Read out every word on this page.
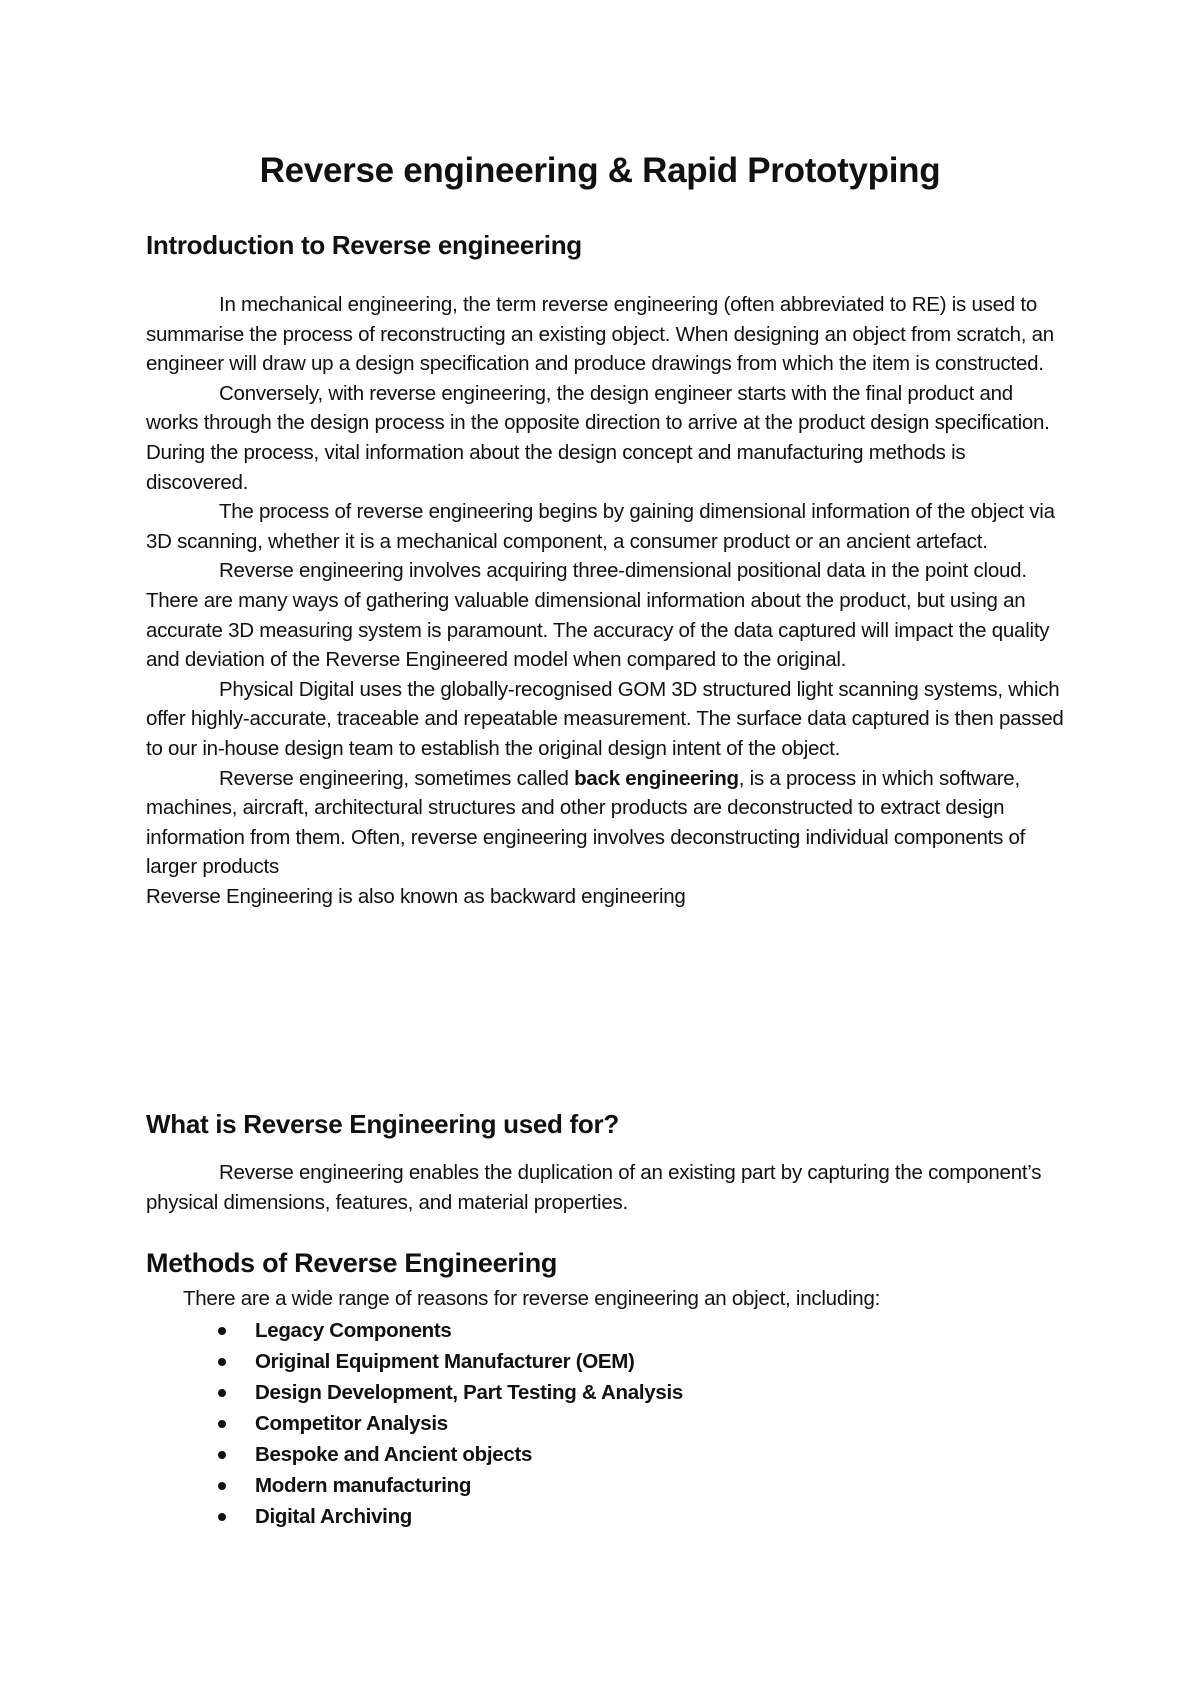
Reverse engineering & Rapid Prototyping
Introduction to Reverse engineering

In mechanical engineering, the term reverse engineering (often abbreviated to RE) is used to summarise the process of reconstructing an existing object. When designing an object from scratch, an engineer will draw up a design specification and produce drawings from which the item is constructed.

Conversely, with reverse engineering, the design engineer starts with the final product and works through the design process in the opposite direction to arrive at the product design specification. During the process, vital information about the design concept and manufacturing methods is discovered.

The process of reverse engineering begins by gaining dimensional information of the object via 3D scanning, whether it is a mechanical component, a consumer product or an ancient artefact.

Reverse engineering involves acquiring three-dimensional positional data in the point cloud. There are many ways of gathering valuable dimensional information about the product, but using an accurate 3D measuring system is paramount. The accuracy of the data captured will impact the quality and deviation of the Reverse Engineered model when compared to the original.

Physical Digital uses the globally-recognised GOM 3D structured light scanning systems, which offer highly-accurate, traceable and repeatable measurement. The surface data captured is then passed to our in-house design team to establish the original design intent of the object.

Reverse engineering, sometimes called back engineering, is a process in which software, machines, aircraft, architectural structures and other products are deconstructed to extract design information from them. Often, reverse engineering involves deconstructing individual components of larger products

Reverse Engineering is also known as backward engineering

What is Reverse Engineering used for?

Reverse engineering enables the duplication of an existing part by capturing the component’s physical dimensions, features, and material properties.

Methods of Reverse Engineering

There are a wide range of reasons for reverse engineering an object, including:

Legacy Components
Original Equipment Manufacturer (OEM)
Design Development, Part Testing & Analysis
Competitor Analysis
Bespoke and Ancient objects
Modern manufacturing
Digital Archiving
